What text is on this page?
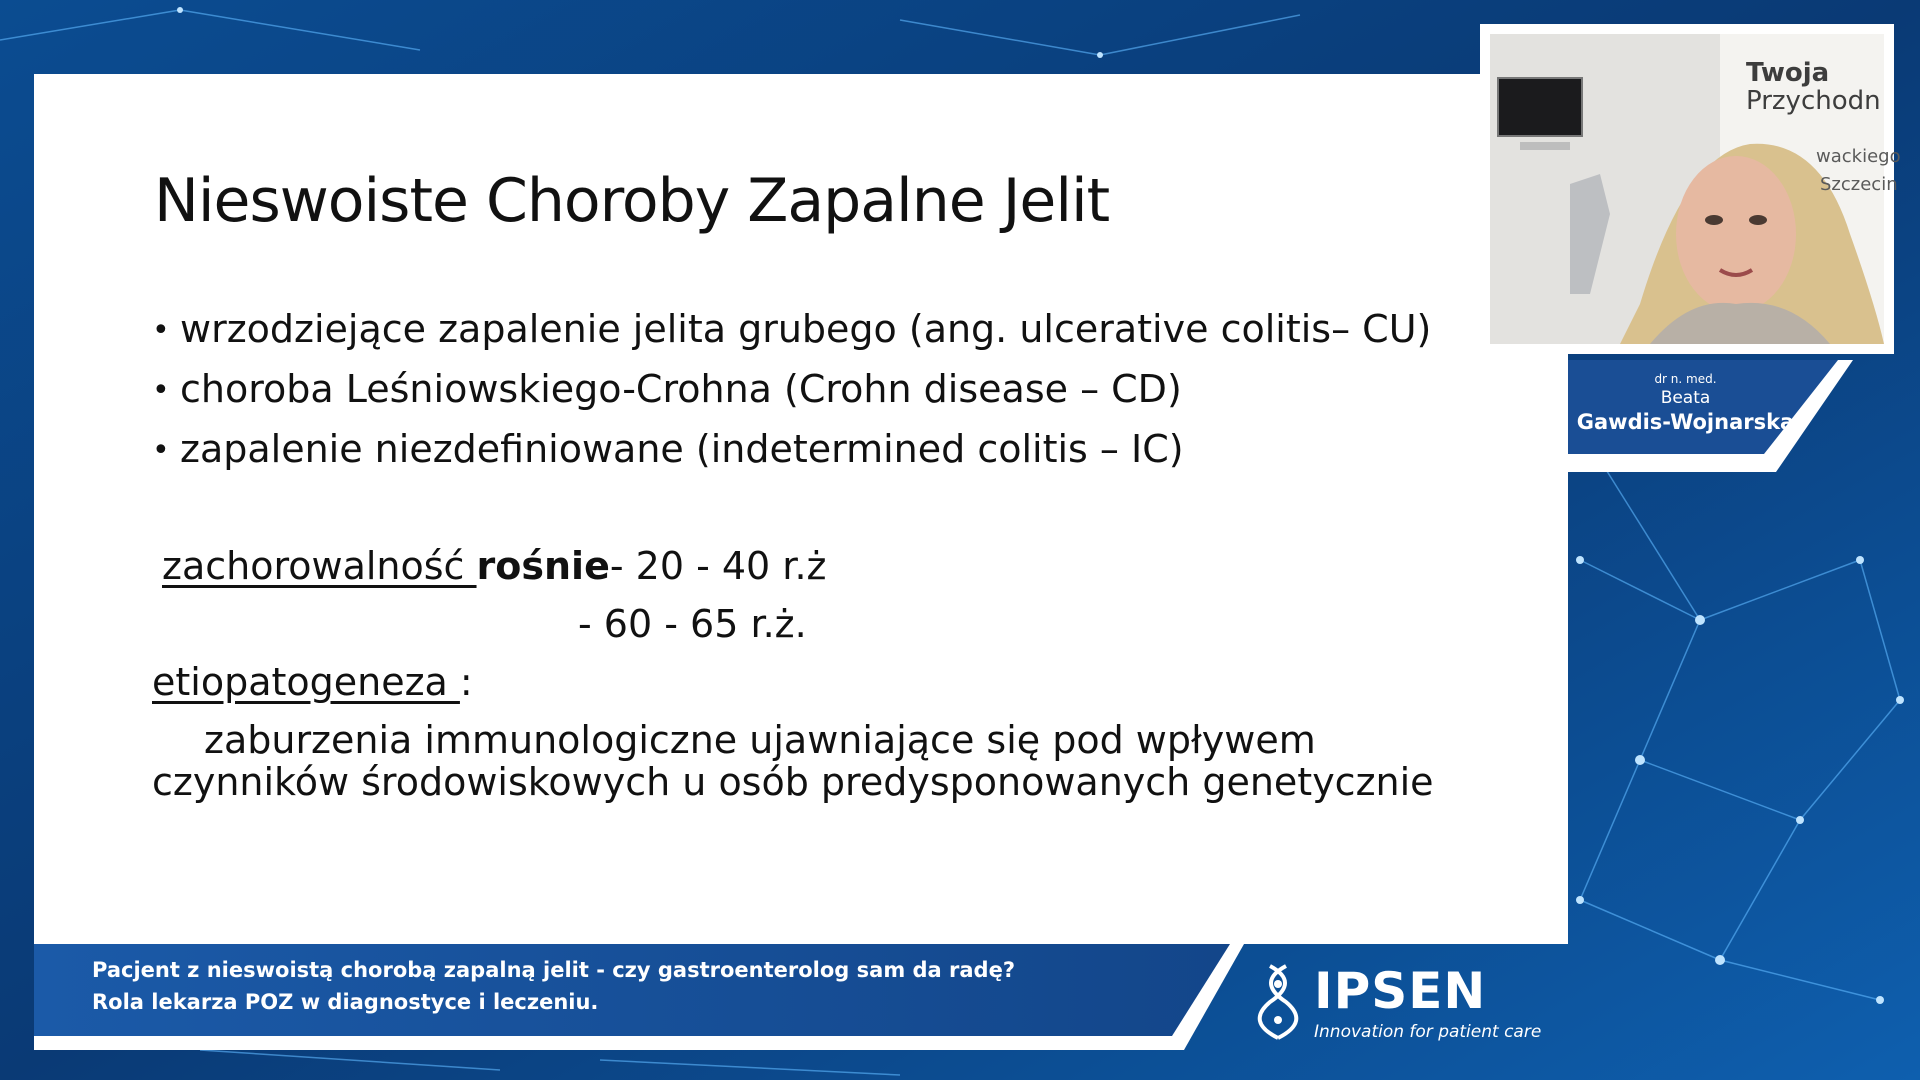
Nieswoiste Choroby Zapalne Jelit
• wrzodziejące zapalenie jelita grubego (ang. ulcerative colitis– CU)
• choroba Leśniowskiego-Crohna (Crohn disease – CD)
• zapalenie niezdefiniowane (indetermined colitis – IC)
zachorowalność rośnie- 20 - 40 r.ż
- 60 - 65 r.ż.
etiopatogeneza :
zaburzenia immunologiczne ujawniające się pod wpływem
czynników środowiskowych u osób predysponowanych genetycznie
Twoja
Przychodn
wackiego
Szczecin
dr n. med.
Beata
Gawdis-Wojnarska
Pacjent z nieswoistą chorobą zapalną jelit - czy gastroenterolog sam da radę?
Rola lekarza POZ w diagnostyce i leczeniu.	IPSEN
Innovation for patient care
